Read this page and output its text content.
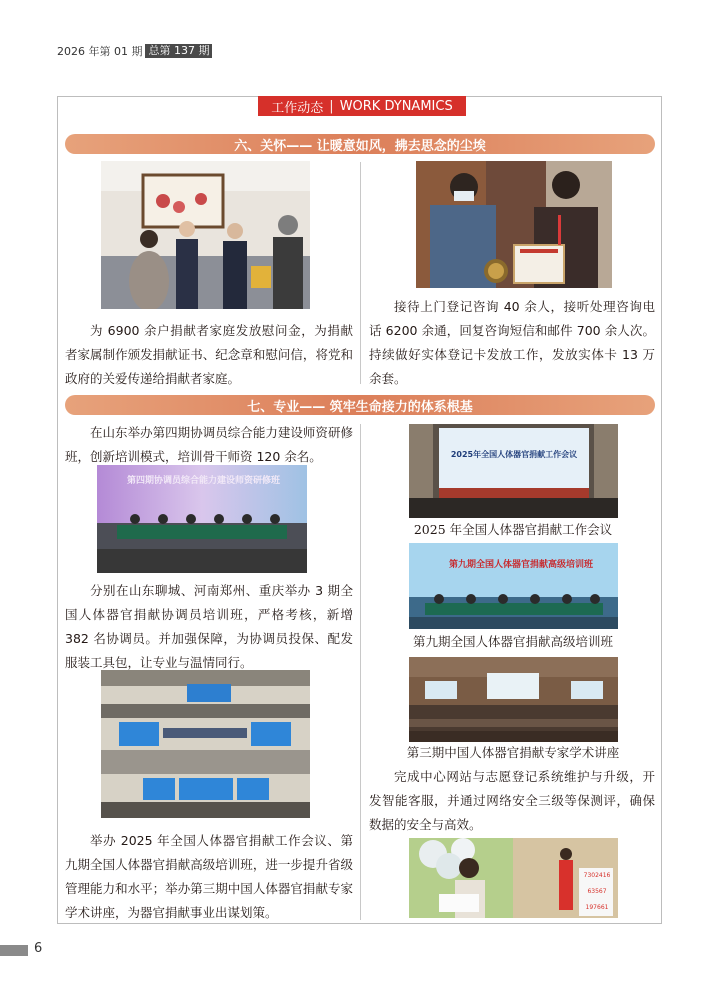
2026 年第 01 期 总第 137 期
工作动态 | WORK DYNAMICS
六、关怀—— 让暖意如风，拂去思念的尘埃
为 6900 余户捐献者家庭发放慰问金，为捐献者家属制作颁发捐献证书、纪念章和慰问信，将党和政府的关爱传递给捐献者家庭。
接待上门登记咨询 40 余人，接听处理咨询电话 6200 余通，回复咨询短信和邮件 700 余人次。持续做好实体登记卡发放工作，发放实体卡 13 万余套。
七、专业—— 筑牢生命接力的体系根基
在山东举办第四期协调员综合能力建设师资研修班，创新培训模式，培训骨干师资 120 余名。
第四期协调员综合能力建设师资研修班
分别在山东聊城、河南郑州、重庆举办 3 期全国人体器官捐献协调员培训班，严格考核，新增 382 名协调员。并加强保障，为协调员投保、配发服装工具包，让专业与温情同行。
举办 2025 年全国人体器官捐献工作会议、第九期全国人体器官捐献高级培训班，进一步提升省级管理能力和水平；举办第三期中国人体器官捐献专家学术讲座，为器官捐献事业出谋划策。
2025年全国人体器官捐献工作会议
2025 年全国人体器官捐献工作会议
第九期全国人体器官捐献高级培训班
第九期全国人体器官捐献高级培训班
第三期中国人体器官捐献专家学术讲座
完成中心网站与志愿登记系统维护与升级，开发智能客服，并通过网络安全三级等保测评，确保数据的安全与高效。
7302416
63567
197661
6
